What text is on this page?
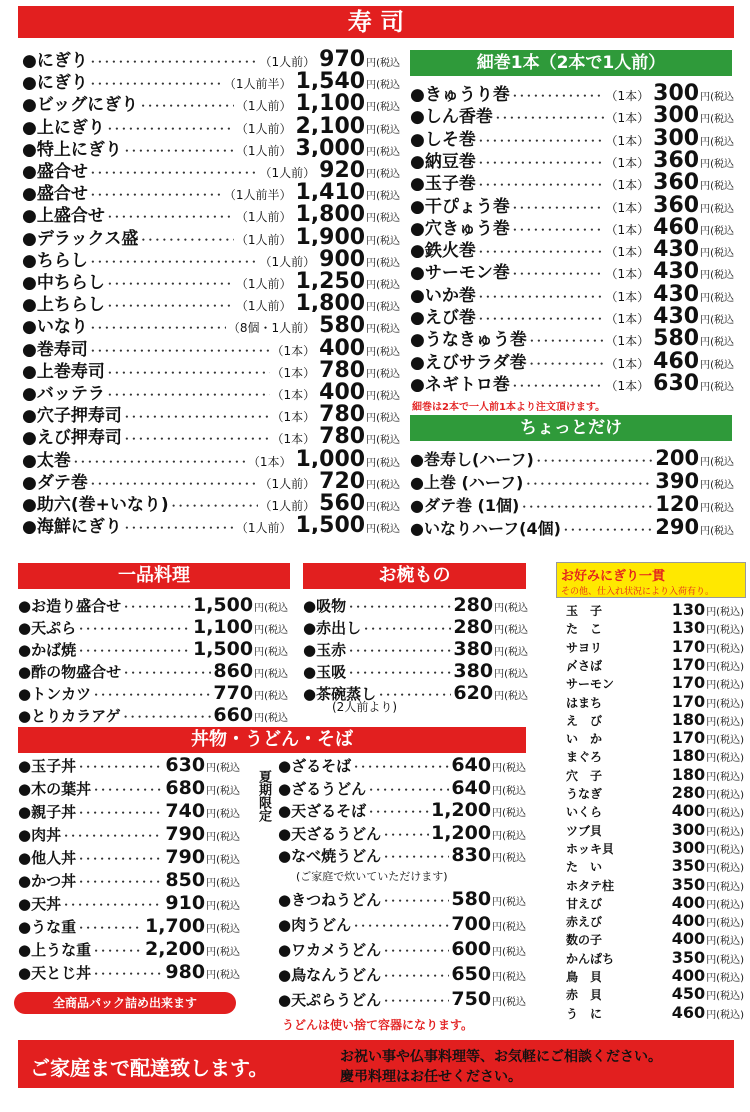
寿 司
●にぎり ･･････････････････････････････････････････････････････	（1人前） 970 円(税込
●にぎり ･･････････････････････････････････････････････････････	（1人前半） 1,540 円(税込
●ビッグにぎり ･･････････････････････････････････････････････････････	（1人前） 1,100 円(税込
●上にぎり ･･････････････････････････････････････････････････････	（1人前） 2,100 円(税込
●特上にぎり ･･････････････････････････････････････････････････････	（1人前） 3,000 円(税込
●盛合せ ･･････････････････････････････････････････････････････	（1人前） 920 円(税込
●盛合せ ･･････････････････････････････････････････････････････	（1人前半） 1,410 円(税込
●上盛合せ ･･････････････････････････････････････････････････････	（1人前） 1,800 円(税込
●デラックス盛 ･･････････････････････････････････････････････････････	（1人前） 1,900 円(税込
●ちらし ･･････････････････････････････････････････････････････	（1人前） 900 円(税込
●中ちらし ･･････････････････････････････････････････････････････	（1人前） 1,250 円(税込
●上ちらし ･･････････････････････････････････････････････････････	（1人前） 1,800 円(税込
●いなり ･･････････････････････････････････････････････････････	（8個・1人前） 580 円(税込
●巻寿司 ･･････････････････････････････････････････････････････	（1本） 400 円(税込
●上巻寿司 ･･････････････････････････････････････････････････････	（1本） 780 円(税込
●バッテラ ･･････････････････････････････････････････････････････	（1本） 400 円(税込
●穴子押寿司 ･･････････････････････････････････････････････････････	（1本） 780 円(税込
●えび押寿司 ･･････････････････････････････････････････････････････	（1本） 780 円(税込
●太巻 ･･････････････････････････････････････････････････････	（1本） 1,000 円(税込
●ダテ巻 ･･････････････････････････････････････････････････････	（1人前） 720 円(税込
●助六(巻+いなり) ･･････････････････････････････････････････････････････	（1人前） 560 円(税込
●海鮮にぎり ･･････････････････････････････････････････････････････	（1人前） 1,500 円(税込
細巻1本（2本で1人前）
●きゅうり巻 ･･････････････････････････････････････････････････････	（1本） 300 円(税込
●しん香巻 ･･････････････････････････････････････････････････････	（1本） 300 円(税込
●しそ巻 ･･････････････････････････････････････････････････････	（1本） 300 円(税込
●納豆巻 ･･････････････････････････････････････････････････････	（1本） 360 円(税込
●玉子巻 ･･････････････････････････････････････････････････････	（1本） 360 円(税込
●干ぴょう巻 ･･････････････････････････････････････････････････････	（1本） 360 円(税込
●穴きゅう巻 ･･････････････････････････････････････････････････････	（1本） 460 円(税込
●鉄火巻 ･･････････････････････････････････････････････････････	（1本） 430 円(税込
●サーモン巻 ･･････････････････････････････････････････････････････	（1本） 430 円(税込
●いか巻 ･･････････････････････････････････････････････････････	（1本） 430 円(税込
●えび巻 ･･････････････････････････････････････････････････････	（1本） 430 円(税込
●うなきゅう巻 ･･････････････････････････････････････････････････････	（1本） 580 円(税込
●えびサラダ巻 ･･････････････････････････････････････････････････････	（1本） 460 円(税込
●ネギトロ巻 ･･････････････････････････････････････････････････････	（1本） 630 円(税込
細巻は2本で一人前1本より注文頂けます。
ちょっとだけ
●巻寿し(ハーフ) ･･････････････････････････････････････････････････････	200 円(税込
●上巻 (ハーフ) ･･････････････････････････････････････････････････････	390 円(税込
●ダテ巻 (1個) ･･････････････････････････････････････････････････････	120 円(税込
●いなりハーフ(4個) ･･････････････････････････････････････････････････････	290 円(税込
一品料理
●お造り盛合せ ･･････････････････････････････････････････････････････	1,500 円(税込
●天ぷら ･･････････････････････････････････････････････････････	1,100 円(税込
●かば焼 ･･････････････････････････････････････････････････････	1,500 円(税込
●酢の物盛合せ ･･････････････････････････････････････････････････････	860 円(税込
●トンカツ ･･････････････････････････････････････････････････････	770 円(税込
●とりカラアゲ ･･････････････････････････････････････････････････････	660 円(税込
お椀もの
●吸物 ･･････････････････････････････････････････････････････	280 円(税込
●赤出し ･･････････････････････････････････････････････････････	280 円(税込
●玉赤 ･･････････････････････････････････････････････････････	380 円(税込
●玉吸 ･･････････････････････････････････････････････････････	380 円(税込
●茶碗蒸し ･･････････････････････････････････････････････････････	620 円(税込
(2人前より)
丼物・うどん・そば
●玉子丼 ･･････････････････････････････････････････････････････	630 円(税込
●木の葉丼 ･･････････････････････････････････････････････････････	680 円(税込
●親子丼 ･･････････････････････････････････････････････････････	740 円(税込
●肉丼 ･･････････････････････････････････････････････････････	790 円(税込
●他人丼 ･･････････････････････････････････････････････････････	790 円(税込
●かつ丼 ･･････････････････････････････････････････････････････	850 円(税込
●天丼 ･･････････････････････････････････････････････････････	910 円(税込
●うな重 ･･････････････････････････････････････････････････････	1,700 円(税込
●上うな重 ･･････････････････････････････････････････････････････	2,200 円(税込
●天とじ丼 ･･････････････････････････････････････････････････････	980 円(税込
夏期限定
●ざるそば ･･････････････････････････････････････････････････････	640 円(税込
●ざるうどん ･･････････････････････････････････････････････････････	640 円(税込
●天ざるそば ･･････････････････････････････････････････････････････	1,200 円(税込
●天ざるうどん ･･････････････････････････････････････････････････････	1,200 円(税込
●なべ焼うどん ･･････････････････････････････････････････････････････	830 円(税込
(ご家庭で炊いていただけます)
●きつねうどん ･･････････････････････････････････････････････････････	580 円(税込
●肉うどん ･･････････････････････････････････････････････････････	700 円(税込
●ワカメうどん ･･････････････････････････････････････････････････････	600 円(税込
●鳥なんうどん ･･････････････････････････････････････････････････････	650 円(税込
●天ぷらうどん ･･････････････････････････････････････････････････････	750 円(税込
うどんは使い捨て容器になります。
全商品パック詰め出来ます
お好みにぎり一貫
その他、仕入れ状況により入荷有り。
玉　子	130 円(税込)
た　こ	130 円(税込)
サヨリ	170 円(税込)
〆さば	170 円(税込)
サーモン	170 円(税込)
はまち	170 円(税込)
え　び	180 円(税込)
い　か	170 円(税込)
まぐろ	180 円(税込)
穴　子	180 円(税込)
うなぎ	280 円(税込)
いくら	400 円(税込)
ツブ貝	300 円(税込)
ホッキ貝	300 円(税込)
た　い	350 円(税込)
ホタテ柱	350 円(税込)
甘えび	400 円(税込)
赤えび	400 円(税込)
数の子	400 円(税込)
かんぱち	350 円(税込)
鳥　貝	400 円(税込)
赤　貝	450 円(税込)
う　に	460 円(税込)
ご家庭まで配達致します。	お祝い事や仏事料理等、お気軽にご相談ください。
慶弔料理はお任せください。
